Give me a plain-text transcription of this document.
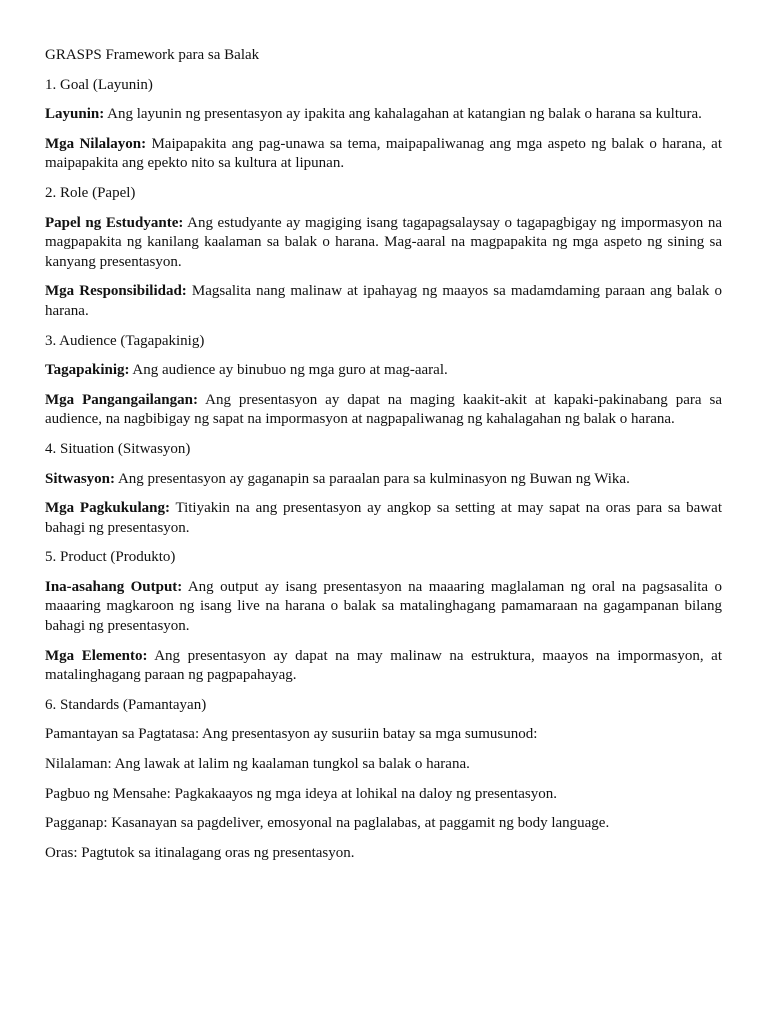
GRASPS Framework para sa Balak

1. Goal (Layunin)

Layunin: Ang layunin ng presentasyon ay ipakita ang kahalagahan at katangian ng balak o harana sa kultura.

Mga Nilalayon: Maipapakita ang pag-unawa sa tema, maipapaliwanag ang mga aspeto ng balak o harana, at maipapakita ang epekto nito sa kultura at lipunan.

2. Role (Papel)

Papel ng Estudyante: Ang estudyante ay magiging isang tagapagsalaysay o tagapagbigay ng impormasyon na magpapakita ng kanilang kaalaman sa balak o harana. Mag-aaral na magpapakita ng mga aspeto ng sining sa kanyang presentasyon.

Mga Responsibilidad: Magsalita nang malinaw at ipahayag ng maayos sa madamdaming paraan ang balak o harana.

3. Audience (Tagapakinig)

Tagapakinig: Ang audience ay binubuo ng mga guro at mag-aaral.

Mga Pangangailangan: Ang presentasyon ay dapat na maging kaakit-akit at kapaki-pakinabang para sa audience, na nagbibigay ng sapat na impormasyon at nagpapaliwanag ng kahalagahan ng balak o harana.

4. Situation (Sitwasyon)

Sitwasyon: Ang presentasyon ay gaganapin sa paraalan para sa kulminasyon ng Buwan ng Wika.

Mga Pagkukulang: Titiyakin na ang presentasyon ay angkop sa setting at may sapat na oras para sa bawat bahagi ng presentasyon.

5. Product (Produkto)

Ina-asahang Output: Ang output ay isang presentasyon na maaaring maglalaman ng oral na pagsasalita o maaaring magkaroon ng isang live na harana o balak sa matalinghagang pamamaraan na gagampanan bilang bahagi ng presentasyon.

Mga Elemento: Ang presentasyon ay dapat na may malinaw na estruktura, maayos na impormasyon, at matalinghagang paraan ng pagpapahayag.

6. Standards (Pamantayan)

Pamantayan sa Pagtatasa: Ang presentasyon ay susuriin batay sa mga sumusunod:

Nilalaman: Ang lawak at lalim ng kaalaman tungkol sa balak o harana.

Pagbuo ng Mensahe: Pagkakaayos ng mga ideya at lohikal na daloy ng presentasyon.

Pagganap: Kasanayan sa pagdeliver, emosyonal na paglalabas, at paggamit ng body language.

Oras: Pagtutok sa itinalagang oras ng presentasyon.
